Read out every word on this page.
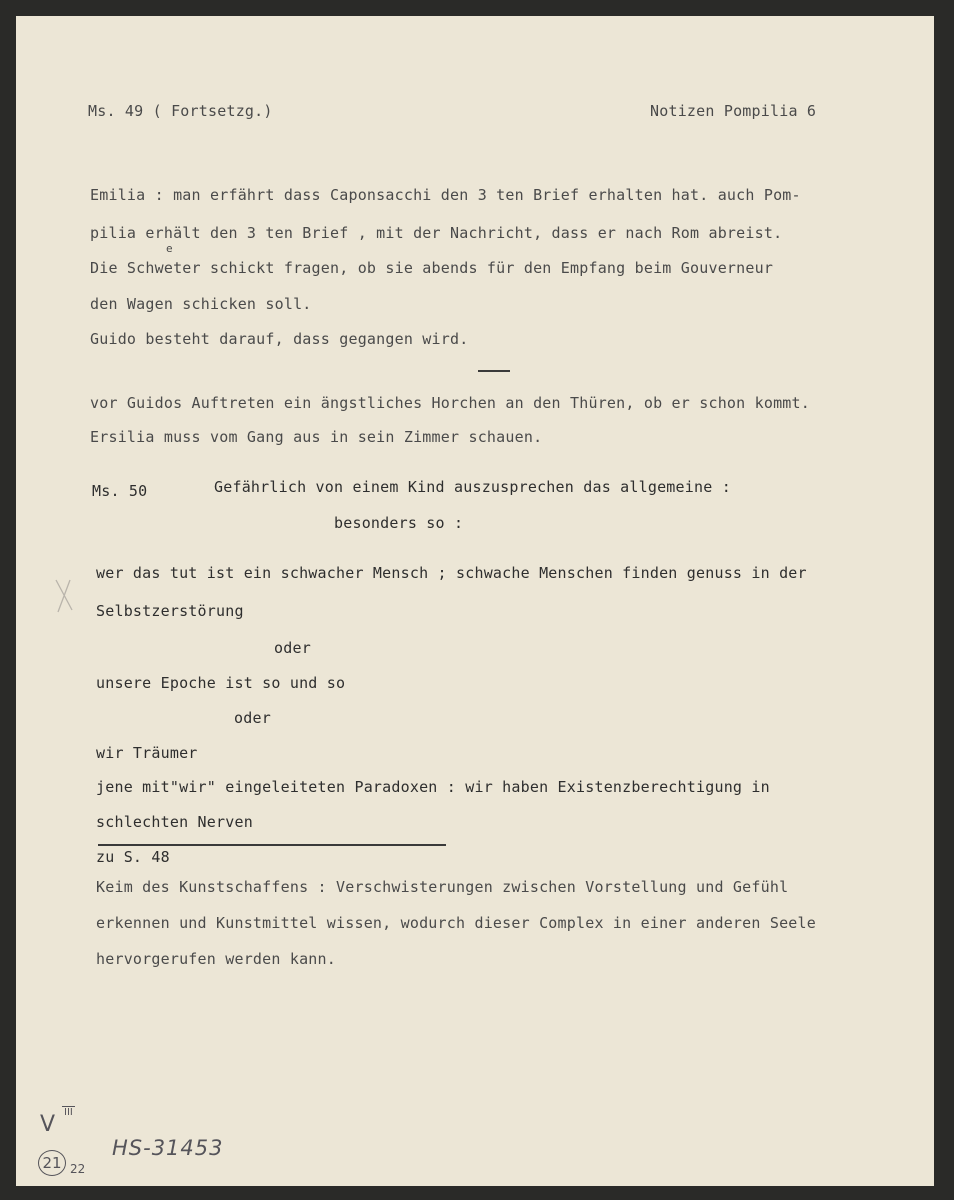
Ms. 49 ( Fortsetzg.)	Notizen Pompilia 6
Emilia : man erfährt dass Caponsacchi den 3 ten Brief erhalten hat. auch Pom-
pilia erhält den 3 ten Brief , mit der Nachricht, dass er nach Rom abreist.
e
Die Schweter schickt fragen, ob sie abends für den Empfang beim Gouverneur
den Wagen schicken soll.
Guido besteht darauf, dass gegangen wird.
vor Guidos Auftreten ein ängstliches Horchen an den Thüren, ob er schon kommt.
Ersilia muss vom Gang aus in sein Zimmer schauen.
Ms. 50	Gefährlich von einem Kind auszusprechen das allgemeine :
besonders so :
wer das tut ist ein schwacher Mensch ; schwache Menschen finden genuss in der
Selbstzerstörung
oder
unsere Epoche ist so und so
oder
wir Träumer
jene mit"wir" eingeleiteten Paradoxen : wir haben Existenzberechtigung in
schlechten Nerven
zu S. 48
Keim des Kunstschaffens : Verschwisterungen zwischen Vorstellung und Gefühl
erkennen und Kunstmittel wissen, wodurch dieser Complex in einer anderen Seele
hervorgerufen werden kann.
V III
21 22
HS-31453
